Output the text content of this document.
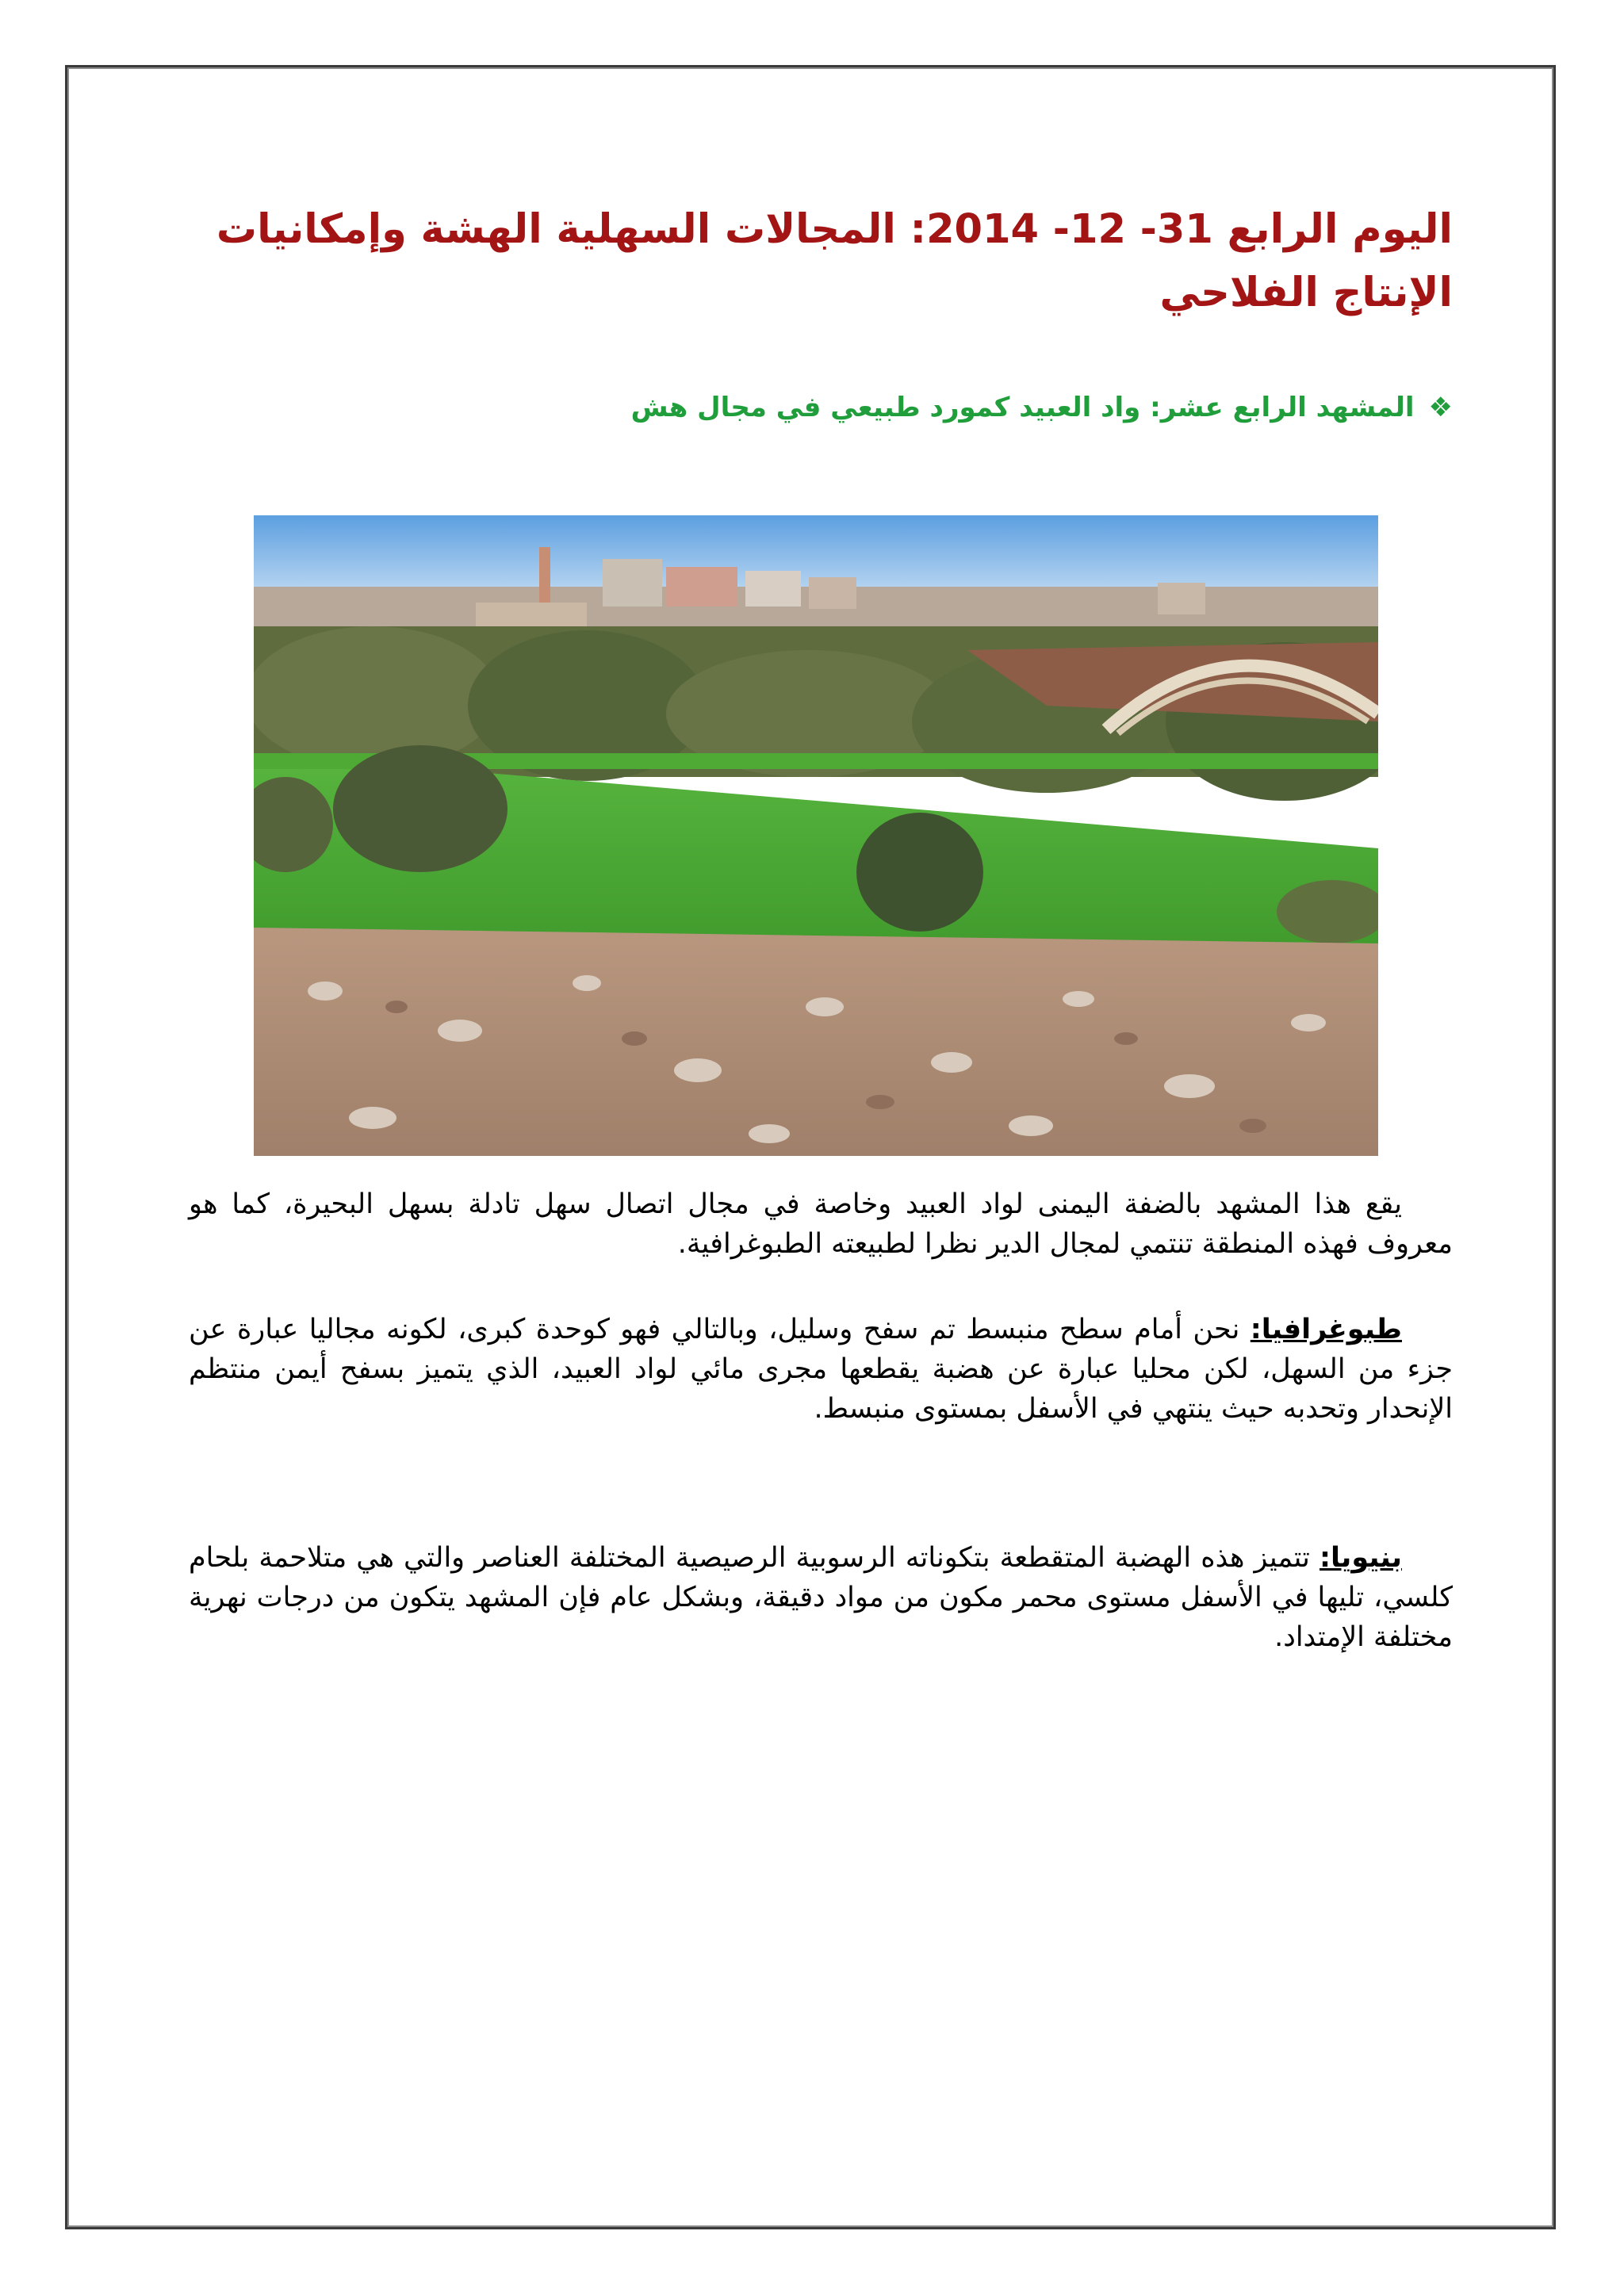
اليوم الرابع 31- 12- 2014: المجالات السهلية الهشة وإمكانيات الإنتاج الفلاحي
❖
المشهد الرابع عشر: واد العبيد كمورد طبيعي في مجال هش

يقع هذا المشهد بالضفة اليمنى لواد العبيد وخاصة في مجال اتصال سهل تادلة بسهل البحيرة، كما هو معروف فهذه المنطقة تنتمي لمجال الدير نظرا لطبيعته الطبوغرافية.

طبوغرافيا: نحن أمام سطح منبسط تم سفح وسليل، وبالتالي فهو كوحدة كبرى، لكونه مجاليا عبارة عن جزء من السهل، لكن محليا عبارة عن هضبة يقطعها مجرى مائي لواد العبيد، الذي يتميز بسفح أيمن منتظم الإنحدار وتحدبه حيث ينتهي في الأسفل بمستوى منبسط.

بنيويا: تتميز هذه الهضبة المتقطعة بتكوناته الرسوبية الرصيصية المختلفة العناصر والتي هي متلاحمة بلحام كلسي، تليها في الأسفل مستوى محمر مكون من مواد دقيقة، وبشكل عام فإن المشهد يتكون من درجات نهرية مختلفة الإمتداد.
